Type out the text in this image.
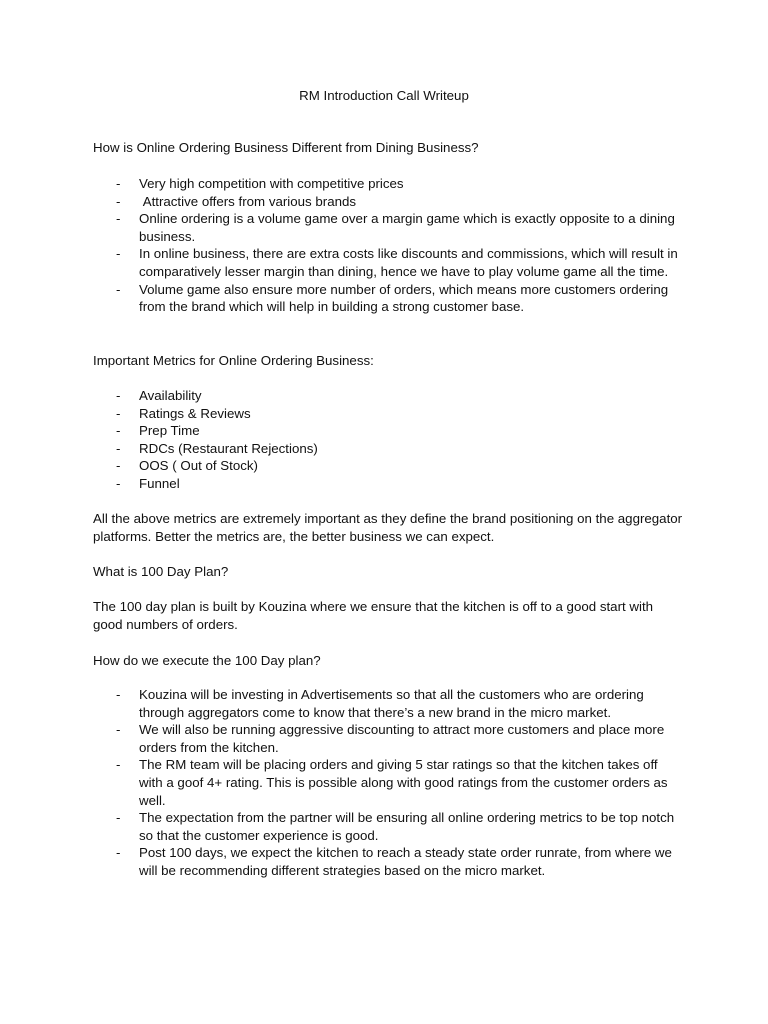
RM Introduction Call Writeup
How is Online Ordering Business Different from Dining Business?
- Very high competition with competitive prices
- Attractive offers from various brands
- Online ordering is a volume game over a margin game which is exactly opposite to a dining business.
- In online business, there are extra costs like discounts and commissions, which will result in comparatively lesser margin than dining, hence we have to play volume game all the time.
- Volume game also ensure more number of orders, which means more customers ordering from the brand which will help in building a strong customer base.
Important Metrics for Online Ordering Business:
- Availability
- Ratings & Reviews
- Prep Time
- RDCs (Restaurant Rejections)
- OOS ( Out of Stock)
- Funnel
All the above metrics are extremely important as they define the brand positioning on the aggregator platforms. Better the metrics are, the better business we can expect.
What is 100 Day Plan?
The 100 day plan is built by Kouzina where we ensure that the kitchen is off to a good start with good numbers of orders.
How do we execute the 100 Day plan?
- Kouzina will be investing in Advertisements so that all the customers who are ordering through aggregators come to know that there’s a new brand in the micro market.
- We will also be running aggressive discounting to attract more customers and place more orders from the kitchen.
- The RM team will be placing orders and giving 5 star ratings so that the kitchen takes off with a goof 4+ rating. This is possible along with good ratings from the customer orders as well.
- The expectation from the partner will be ensuring all online ordering metrics to be top notch so that the customer experience is good.
- Post 100 days, we expect the kitchen to reach a steady state order runrate, from where we will be recommending different strategies based on the micro market.
